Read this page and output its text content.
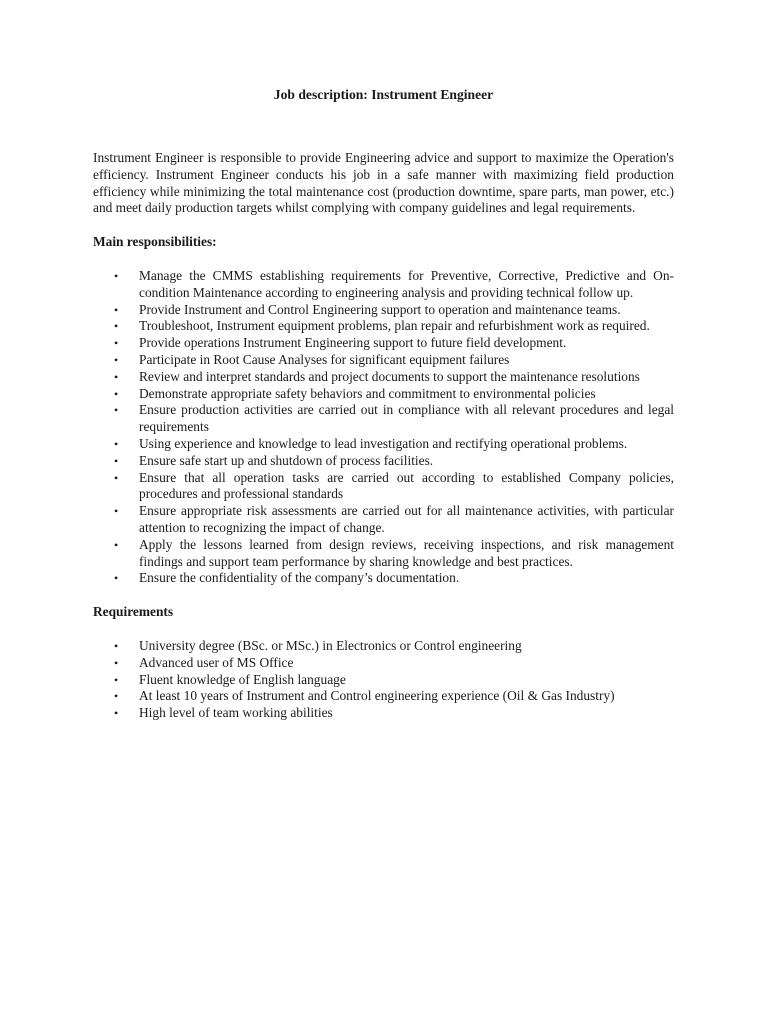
Job description: Instrument Engineer

Instrument Engineer is responsible to provide Engineering advice and support to maximize the Operation's efficiency. Instrument Engineer conducts his job in a safe manner with maximizing field production efficiency while minimizing the total maintenance cost (production downtime, spare parts, man power, etc.) and meet daily production targets whilst complying with company guidelines and legal requirements.

Main responsibilities:

• Manage the CMMS establishing requirements for Preventive, Corrective, Predictive and On-condition Maintenance according to engineering analysis and providing technical follow up.
• Provide Instrument and Control Engineering support to operation and maintenance teams.
• Troubleshoot, Instrument equipment problems, plan repair and refurbishment work as required.
• Provide operations Instrument Engineering support to future field development.
• Participate in Root Cause Analyses for significant equipment failures
• Review and interpret standards and project documents to support the maintenance resolutions
• Demonstrate appropriate safety behaviors and commitment to environmental policies
• Ensure production activities are carried out in compliance with all relevant procedures and legal requirements
• Using experience and knowledge to lead investigation and rectifying operational problems.
• Ensure safe start up and shutdown of process facilities.
• Ensure that all operation tasks are carried out according to established Company policies, procedures and professional standards
• Ensure appropriate risk assessments are carried out for all maintenance activities, with particular attention to recognizing the impact of change.
• Apply the lessons learned from design reviews, receiving inspections, and risk management findings and support team performance by sharing knowledge and best practices.
• Ensure the confidentiality of the company’s documentation.

Requirements

• University degree (BSc. or MSc.) in Electronics or Control engineering
• Advanced user of MS Office
• Fluent knowledge of English language
• At least 10 years of Instrument and Control engineering experience (Oil & Gas Industry)
• High level of team working abilities
